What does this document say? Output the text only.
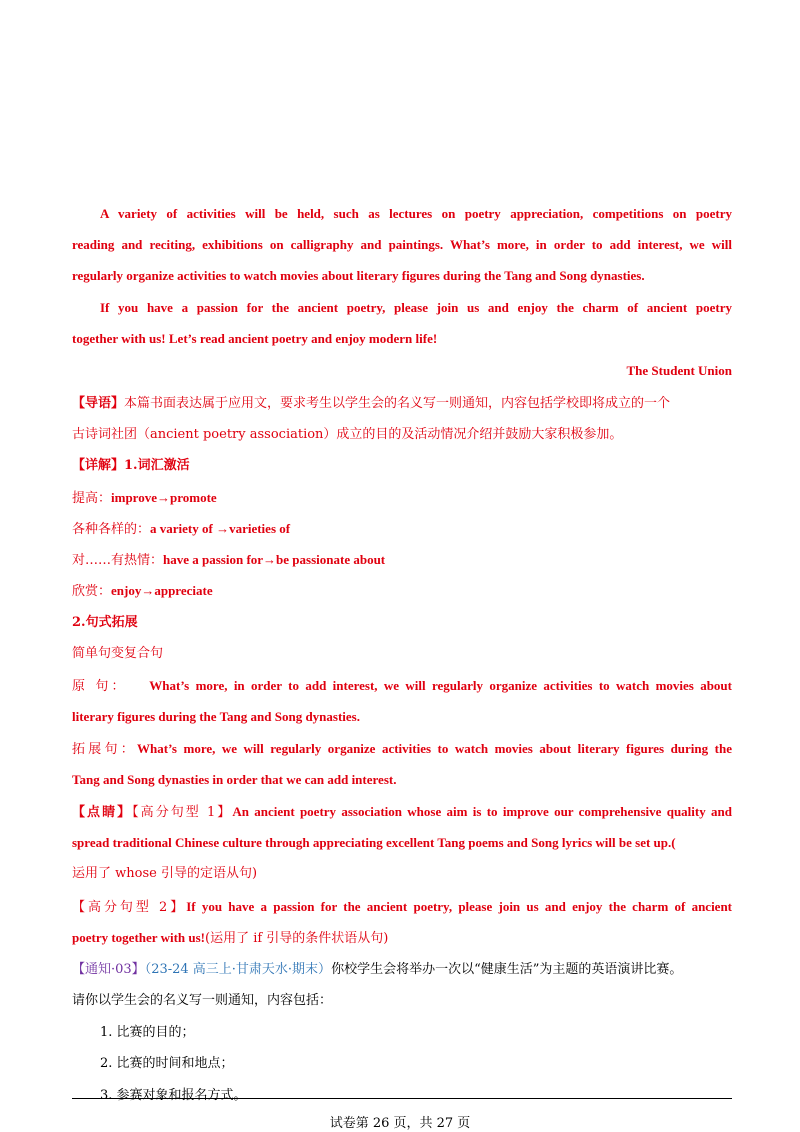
A variety of activities will be held, such as lectures on poetry appreciation, competitions on poetry
reading and reciting, exhibitions on calligraphy and paintings. What’s more, in order to add interest, we will
regularly organize activities to watch movies about literary figures during the Tang and Song dynasties.
If you have a passion for the ancient poetry, please join us and enjoy the charm of ancient poetry
together with us! Let’s read ancient poetry and enjoy modern life!
The Student Union
【导语】本篇书面表达属于应用文，要求考生以学生会的名义写一则通知，内容包括学校即将成立的一个
古诗词社团（ancient poetry association）成立的目的及活动情况介绍并鼓励大家积极参加。
【详解】1.词汇激活
提高：improve→promote
各种各样的：a variety of →varieties of
对……有热情：have a passion for→be passionate about
欣赏：enjoy→appreciate
2.句式拓展
简单句变复合句
原 句： What’s more, in order to add interest, we will regularly organize activities to watch movies about
literary figures during the Tang and Song dynasties.
拓展句：What’s more, we will regularly organize activities to watch movies about literary figures during the
Tang and Song dynasties in order that we can add interest.
【点睛】【高分句型 1】An ancient poetry association whose aim is to improve our comprehensive quality and
spread traditional Chinese culture through appreciating excellent Tang poems and Song lyrics will be set up.(
运用了 whose 引导的定语从句)
【高分句型 2】If you have a passion for the ancient poetry, please join us and enjoy the charm of ancient
poetry together with us!(运用了 if 引导的条件状语从句)
【通知·03】（23-24 高三上·甘肃天水·期末）你校学生会将举办一次以“健康生活”为主题的英语演讲比赛。
请你以学生会的名义写一则通知，内容包括：
1. 比赛的目的；
2. 比赛的时间和地点；
3. 参赛对象和报名方式。
试卷第 26 页，共 27 页
